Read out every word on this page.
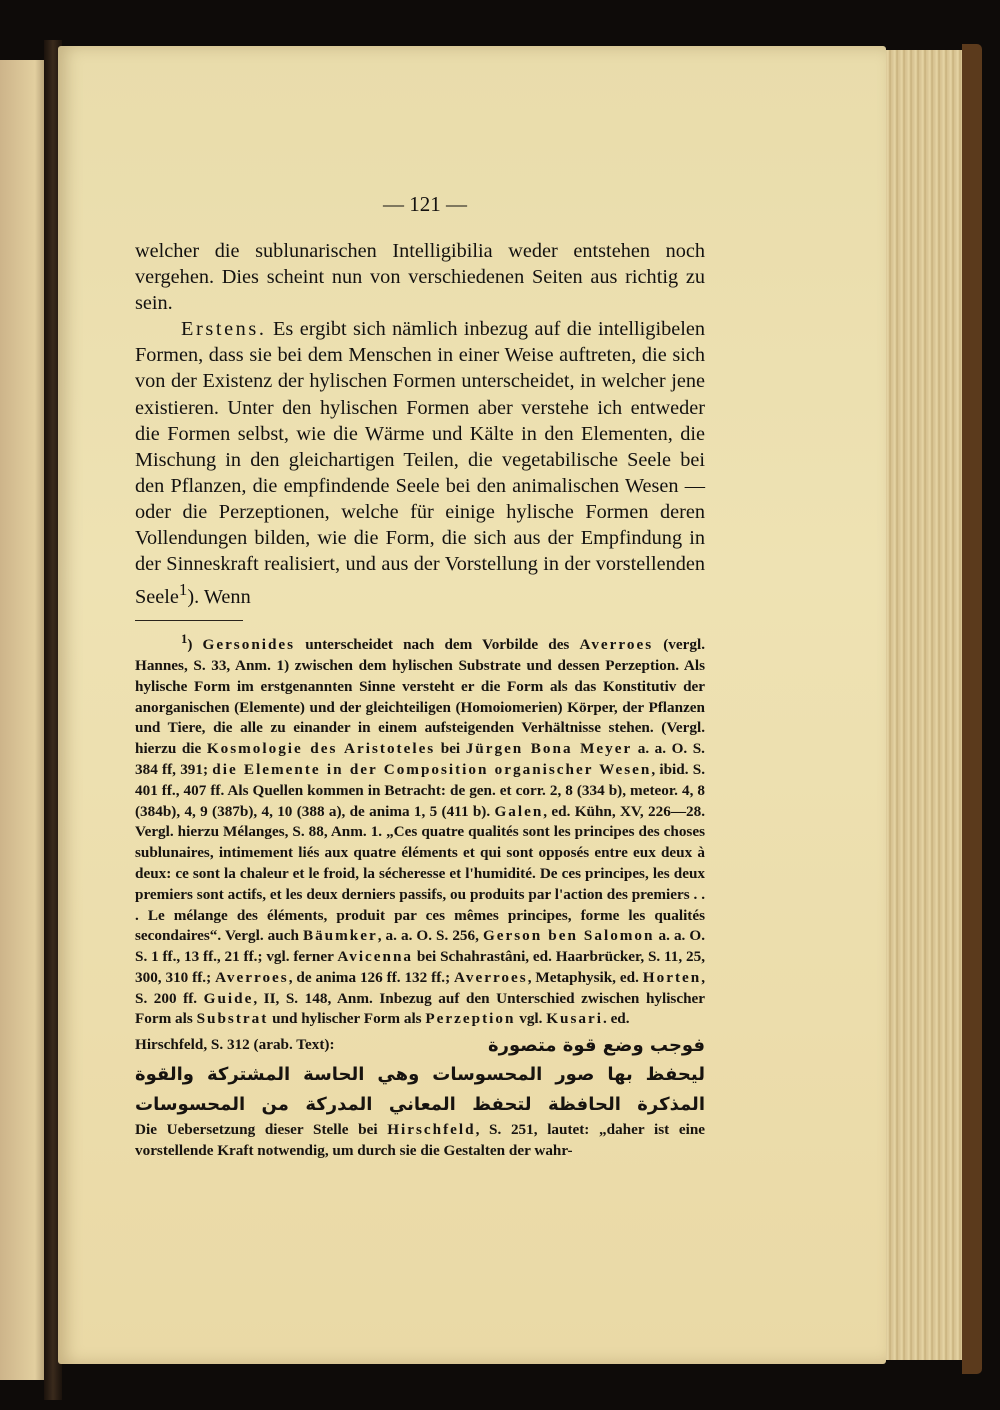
— 121 —

welcher die sublunarischen Intelligibilia weder entstehen noch vergehen. Dies scheint nun von verschiedenen Seiten aus richtig zu sein.

Erstens. Es ergibt sich nämlich inbezug auf die intelligibelen Formen, dass sie bei dem Menschen in einer Weise auftreten, die sich von der Existenz der hylischen Formen unterscheidet, in welcher jene existieren. Unter den hylischen Formen aber verstehe ich entweder die Formen selbst, wie die Wärme und Kälte in den Elementen, die Mischung in den gleichartigen Teilen, die vegetabilische Seele bei den Pflanzen, die empfindende Seele bei den animalischen Wesen — oder die Perzeptionen, welche für einige hylische Formen deren Vollendungen bilden, wie die Form, die sich aus der Empfindung in der Sinneskraft realisiert, und aus der Vorstellung in der vorstellenden Seele$^1$). Wenn

$^1$) Gersonides unterscheidet nach dem Vorbilde des Averroes (vergl. Hannes, S. 33, Anm. 1) zwischen dem hylischen Substrate und dessen Perzeption. Als hylische Form im erstgenannten Sinne versteht er die Form als das Konstitutiv der anorganischen (Elemente) und der gleichteiligen (Homoiomerien) Körper, der Pflanzen und Tiere, die alle zu einander in einem aufsteigenden Verhältnisse stehen. (Vergl. hierzu die Kosmologie des Aristoteles bei Jürgen Bona Meyer a. a. O. S. 384 ff, 391; die Elemente in der Composition organischer Wesen, ibid. S. 401 ff., 407 ff. Als Quellen kommen in Betracht: de gen. et corr. 2, 8 (334 b), meteor. 4, 8 (384b), 4, 9 (387b), 4, 10 (388 a), de anima 1, 5 (411 b). Galen, ed. Kühn, XV, 226—28. Vergl. hierzu Mélanges, S. 88, Anm. 1. „Ces quatre qualités sont les principes des choses sublunaires, intimement liés aux quatre éléments et qui sont opposés entre eux deux à deux: ce sont la chaleur et le froid, la sécheresse et l'humidité. De ces principes, les deux premiers sont actifs, et les deux derniers passifs, ou produits par l'action des premiers . . . Le mélange des éléments, produit par ces mêmes principes, forme les qualités secondaires“. Vergl. auch Bäumker, a. a. O. S. 256, Gerson ben Salomon a. a. O. S. 1 ff., 13 ff., 21 ff.; vgl. ferner Avicenna bei Schahrastâni, ed. Haarbrücker, S. 11, 25, 300, 310 ff.; Averroes, de anima 126 ff. 132 ff.; Averroes, Metaphysik, ed. Horten, S. 200 ff. Guide, II, S. 148, Anm. Inbezug auf den Unterschied zwischen hylischer Form als Substrat und hylischer Form als Perzeption vgl. Kusari. ed.

Hirschfeld, S. 312 (arab. Text):	فوجب وضع قوة متصورة
ليحفظ بها صور المحسوسات وهي الحاسة المشتركة والقوة
المذكرة الحافظة لتحفظ المعاني المدركة من المحسوسات

Die Uebersetzung dieser Stelle bei Hirschfeld, S. 251, lautet: „daher ist eine vorstellende Kraft notwendig, um durch sie die Gestalten der wahr-
